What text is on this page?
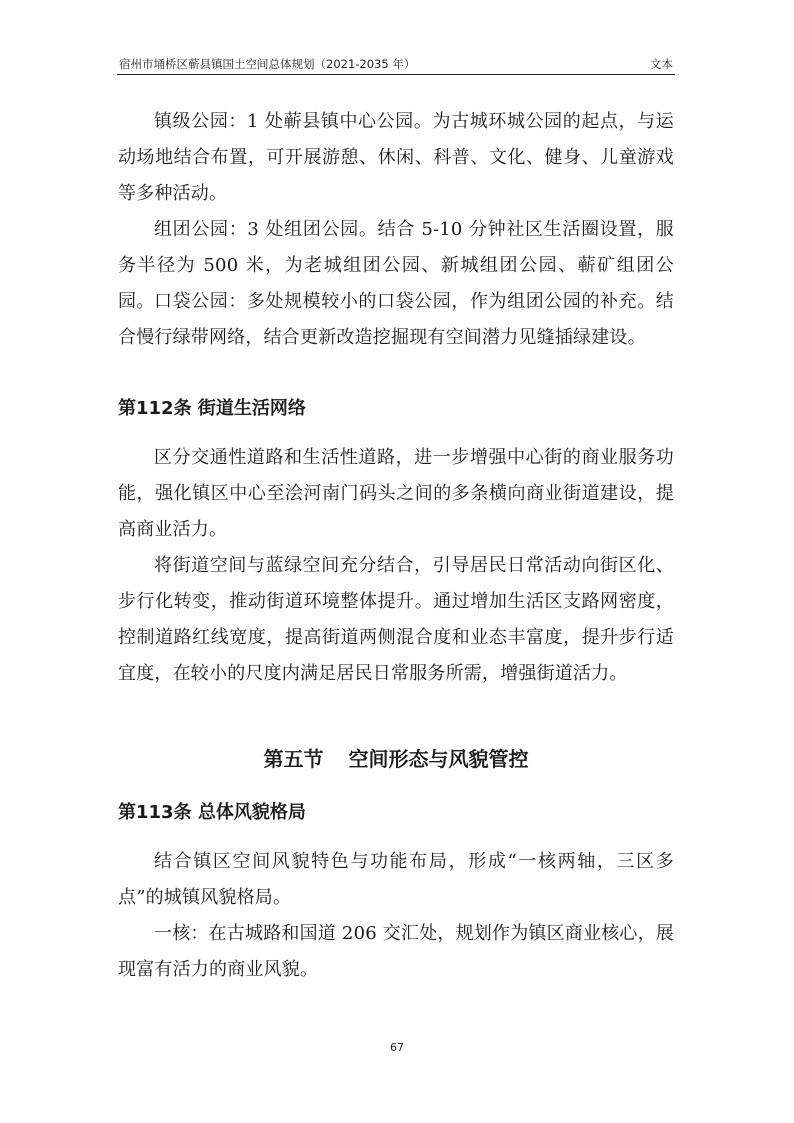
宿州市埇桥区蕲县镇国土空间总体规划（2021-2035 年）	文本

镇级公园：1 处蕲县镇中心公园。为古城环城公园的起点，与运动场地结合布置，可开展游憩、休闲、科普、文化、健身、儿童游戏等多种活动。

组团公园：3 处组团公园。结合 5-10 分钟社区生活圈设置，服务半径为 500 米，为老城组团公园、新城组团公园、蕲矿组团公园。 口袋公园：多处规模较小的口袋公园，作为组团公园的补充。结合慢行绿带网络，结合更新改造挖掘现有空间潜力见缝插绿建设。

第112条 街道生活网络

区分交通性道路和生活性道路，进一步增强中心街的商业服务功能，强化镇区中心至浍河南门码头之间的多条横向商业街道建设，提高商业活力。

将街道空间与蓝绿空间充分结合，引导居民日常活动向街区化、步行化转变，推动街道环境整体提升。通过增加生活区支路网密度，控制道路红线宽度，提高街道两侧混合度和业态丰富度，提升步行适宜度，在较小的尺度内满足居民日常服务所需，增强街道活力。

第五节 空间形态与风貌管控
第113条 总体风貌格局

结合镇区空间风貌特色与功能布局，形成“一核两轴，三区多点”的城镇风貌格局。

一核：在古城路和国道 206 交汇处，规划作为镇区商业核心，展现富有活力的商业风貌。

67
